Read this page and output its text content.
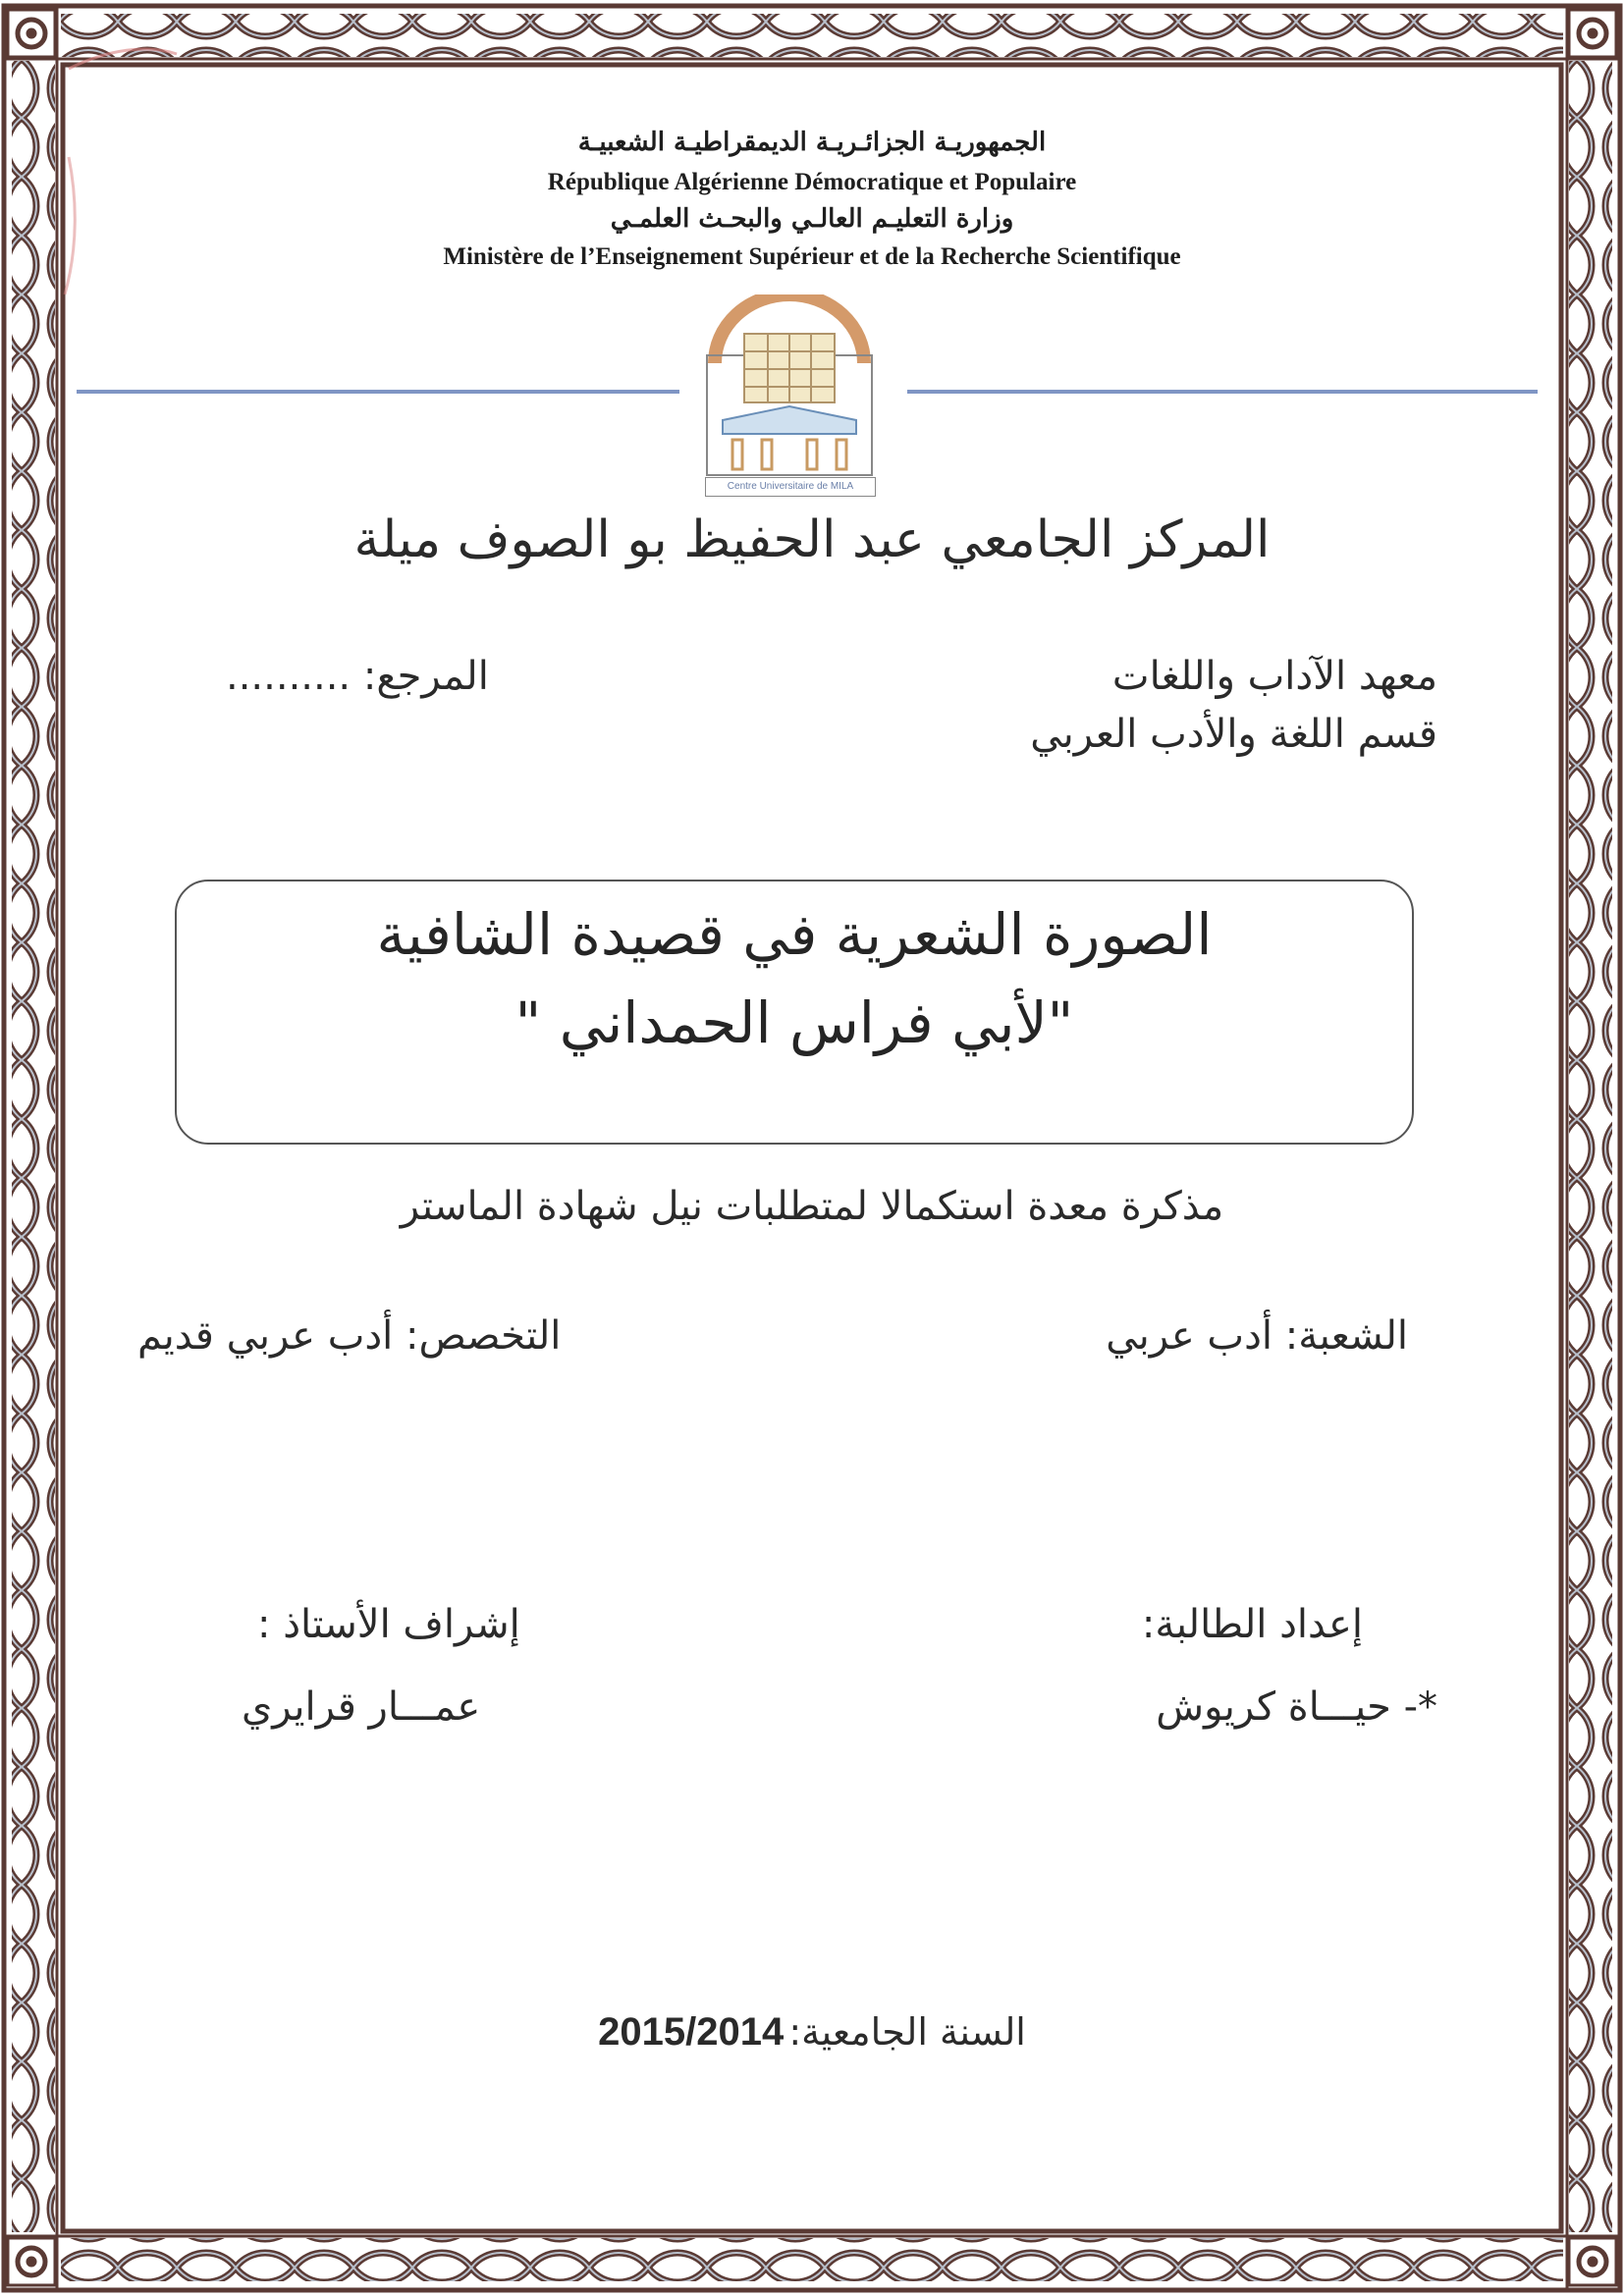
الجمهوريـة الجزائـريـة الديمقراطيـة الشعبيـة
République Algérienne Démocratique et Populaire
وزارة التعليـم العالـي والبحـث العلمـي
Ministère de l’Enseignement Supérieur et de la Recherche Scientifique
Centre Universitaire de MILA
المركز الجامعي عبد الحفيظ بو الصوف ميلة
معهد الآداب واللغات
قسم اللغة والأدب العربي
المرجع: ..........
الصورة الشعرية في قصيدة الشافية
"لأبي فراس الحمداني "
مذكرة معدة استكمالا لمتطلبات نيل شهادة الماستر
الشعبة: أدب عربي
التخصص: أدب عربي قديم
إعداد الطالبة:
*- حيـــاة كريوش
إشراف الأستاذ :
عمـــار قرايري
السنة الجامعية: 2015/2014
